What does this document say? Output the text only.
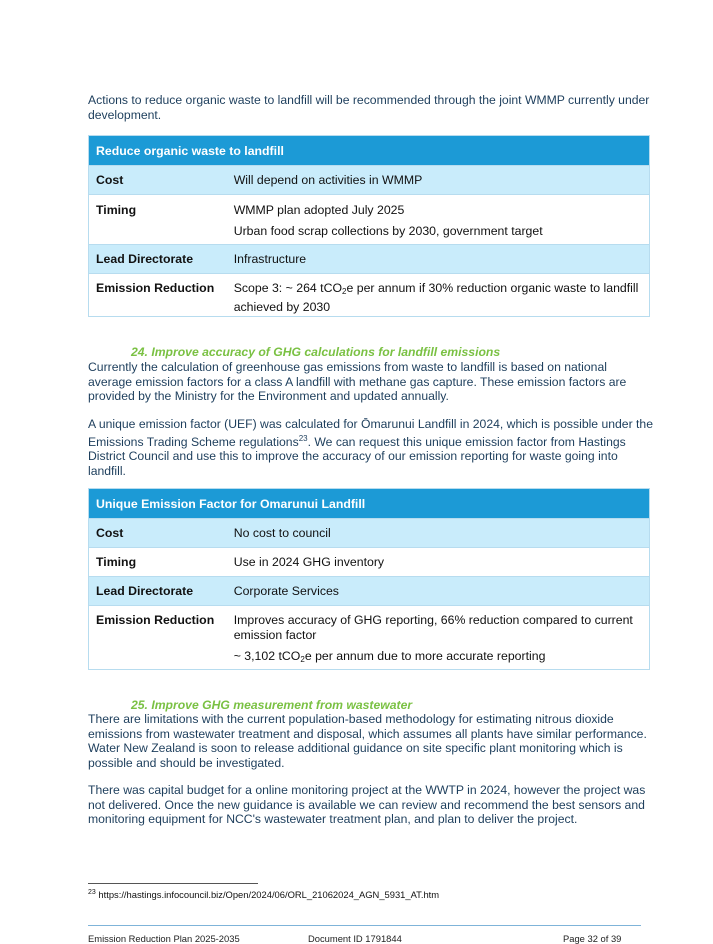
Actions to reduce organic waste to landfill will be recommended through the joint WMMP currently under development.

Reduce organic waste to landfill	
Cost	Will depend on activities in WMMP
Timing	WMMP plan adopted July 2025
Urban food scrap collections by 2030, government target

Lead Directorate	Infrastructure
Emission Reduction	Scope 3: ~ 264 tCO$_2$e per annum if 30% reduction organic waste to landfill achieved by 2030

24. Improve accuracy of GHG calculations for landfill emissions

Currently the calculation of greenhouse gas emissions from waste to landfill is based on national average emission factors for a class A landfill with methane gas capture. These emission factors are provided by the Ministry for the Environment and updated annually.

A unique emission factor (UEF) was calculated for Ōmarunui Landfill in 2024, which is possible under the Emissions Trading Scheme regulations$^{23}$. We can request this unique emission factor from Hastings District Council and use this to improve the accuracy of our emission reporting for waste going into landfill.

Unique Emission Factor for Omarunui Landfill	
Cost	No cost to council
Timing	Use in 2024 GHG inventory
Lead Directorate	Corporate Services
Emission Reduction	Improves accuracy of GHG reporting, 66% reduction compared to current emission factor
~ 3,102 tCO$_2$e per annum due to more accurate reporting

25. Improve GHG measurement from wastewater

There are limitations with the current population-based methodology for estimating nitrous dioxide emissions from wastewater treatment and disposal, which assumes all plants have similar performance. Water New Zealand is soon to release additional guidance on site specific plant monitoring which is possible and should be investigated.

There was capital budget for a online monitoring project at the WWTP in 2024, however the project was not delivered. Once the new guidance is available we can review and recommend the best sensors and monitoring equipment for NCC's wastewater treatment plan, and plan to deliver the project.

$^{23}$ https://hastings.infocouncil.biz/Open/2024/06/ORL_21062024_AGN_5931_AT.htm
Emission Reduction Plan 2025-2035	Document ID 1791844	Page 32 of 39
